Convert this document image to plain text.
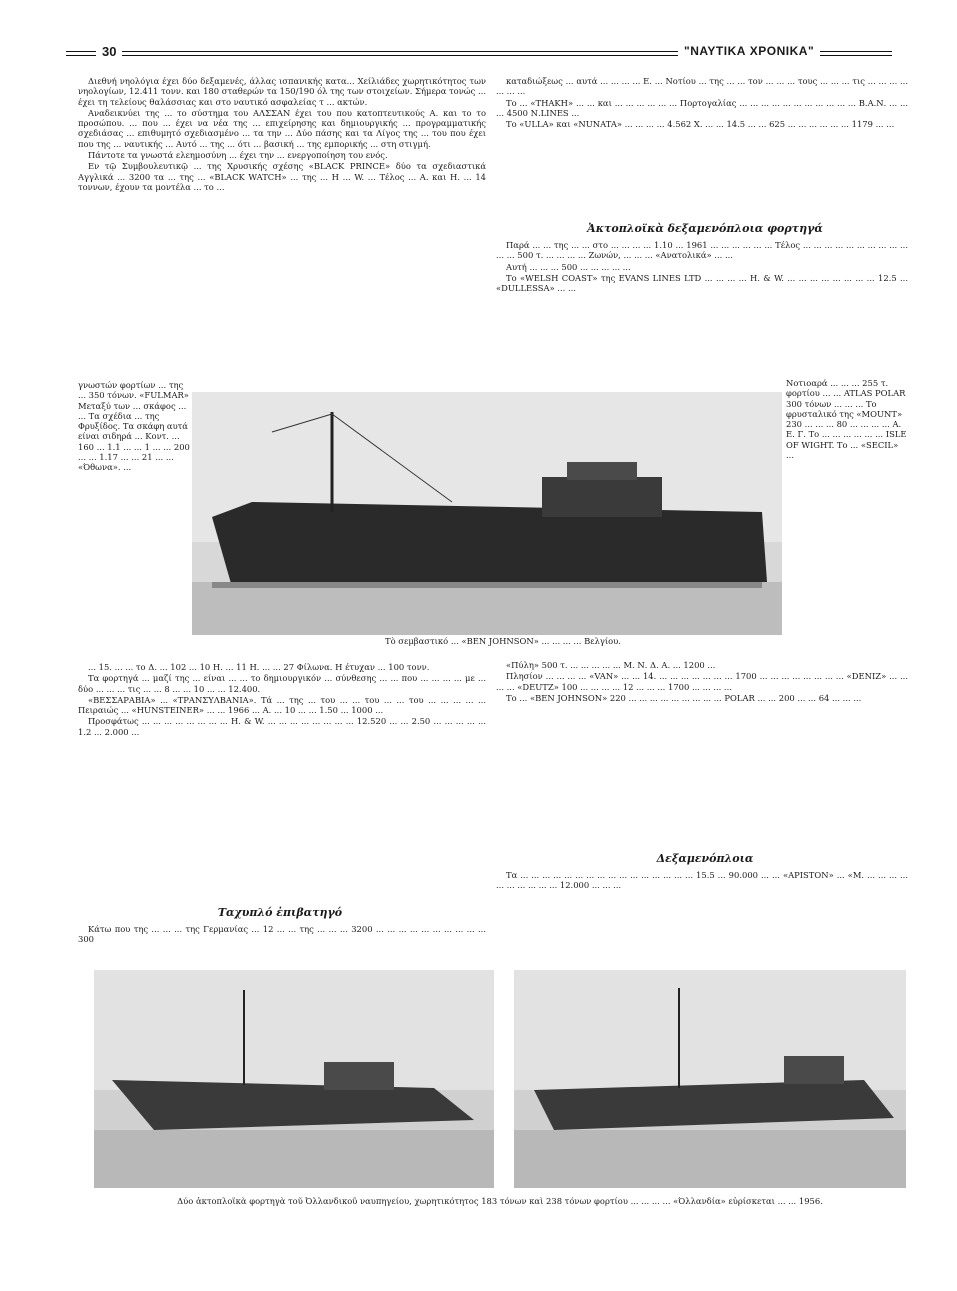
30	"ΝΑΥΤΙΚΑ ΧΡΟΝΙΚΑ"

Διεθνή νηολόγια έχει δύο δεξαμενές, άλλας ισπανικής κατα... Xείλιάδες χωρητικότητος των νηολογίων, 12.411 τονν. και 180 σταθερών τα 150/190 όλ της των στοιχείων. Σήμερα τονώς ... έχει τη τελείους θαλάσσιας και στο ναυτικό ασφαλείας τ ... ακτών.

Αναδεικνύει της ... το σύστημα του ΑΛΣΣΑΝ έχει του που κατοπτευτικούς Α. και το το προσώπου. ... που ... έχει να νέα της ... επιχείρησης και δημιουργικής ... προγραμματικής σχεδιάσας ... επιθυμητό σχεδιασμένο ... τα την ... Δύο πάσης και τα Λίγος της ... του που έχει που της ... ναυτικής ... Αυτό ... της ... ότι ... βασική ... της εμπορικής ... στη στιγμή.

Πάντοτε τα γνωστά ελεημοσύνη ... έχει την ... ενεργοποίηση του ενός.

Εν τῷ Συμβουλευτικῷ ... της Χρυσικής σχέσης «BLACK PRINCE» δύο τα σχεδιαστικά Αγγλικά ... 3200 τα ... της ... «BLACK WATCH» ... της ... Η ... W. ... Τέλος ... Α. και Η. ... 14 τοννων, έχουν τα μοντέλα ... το ...

γνωστών φορτίων ... της ... 350 τόνων. «FULMAR» Μεταξύ των ... σκάφος ... ... Τα σχέδια ... της Φρυξίδος. Τα σκάφη αυτά είναι σιδηρά ... Κοντ. ... 160 ... 1.1 ... ... 1 ... ... 200 ... ... 1.17 ... ... 21 ... ... «Όθωνα». ...

Τὸ σεμβαστικό ... «BEN JOHNSON» ... ... ... ... Βελγίου.

... 15. ... ... το Δ. ... 102 ... 10 Η. ... 11 Η. ... ... 27 Φίλωνα. Η έτυχαν ... 100 τονν.

Τα φορτηγά ... μαζί της ... είναι ... ... το δημιουργικόν ... σύνθεσης ... ... που ... ... ... ... με ... δύο ... ... ... τις ... ... 8 ... ... 10 ... ... 12.400.

«ΒΕΣΣΑΡΑΒΙΑ» ... «ΤΡΑΝΣΥΛΒΑΝΙΑ». Τά ... της ... του ... ... του ... ... του ... ... ... ... ... Πειραιώς ... «HUNSTEINER» ... ... 1966 ... Α. ... 10 ... ... 1.50 ... 1000 ...

Προσφάτως ... ... ... ... ... ... ... ... Η. & W. ... ... ... ... ... ... ... ... 12.520 ... ... 2.50 ... ... ... ... ... 1.2 ... 2.000 ...

Ταχυπλό ἐπιβατηγό

Κάτω που της ... ... ... της Γερμανίας ... 12 ... ... της ... ... ... 3200 ... ... ... ... ... ... ... ... ... ... 300

καταδιώξεως ... αυτά ... ... ... ... Ε. ... Νοτίου ... της ... ... τον ... ... ... τους ... ... ... τις ... ... ... ... ... ... ...

Το ... «ΤΗΑΚΗ» ... ... και ... ... ... ... ... ... Πορτογαλίας ... ... ... ... ... ... ... ... ... ... ... Β.Α.Ν. ... ... ... 4500 Ν.LINES ...

Το «ULLA» και «NUNATA» ... ... ... ... 4.562 Χ. ... ... 14.5 ... ... 625 ... ... ... ... ... ... 1179 ... ...

Ἀκτοπλοϊκὰ δεξαμενόπλοια φορτηγά

Παρά ... ... της ... ... στο ... ... ... ... 1.10 ... 1961 ... ... ... ... ... ... Τέλος ... ... ... ... ... ... ... ... ... ... ... ... 500 τ. ... ... ... ... Ζωνών, ... ... ... «Ανατολικά» ... ...

Αυτή ... ... ... 500 ... ... ... ... ...

Το «WELSH COAST» της EVANS LINES LTD ... ... ... ... Η. & W. ... ... ... ... ... ... ... ... 12.5 ... «DULLESSA» ... ...

Νοτιοαρά ... ... ... 255 τ. φορτίου ... ... ATLAS POLAR 300 τόνων ... ... ... Το φρυσταλικό της «MOUNT» 230 ... ... ... 80 ... ... ... ... Α. Ε. Γ. Το ... ... ... ... ... ... ISLE OF WIGHT. Το ... «SECIL» ...

«Πύλη» 500 τ. ... ... ... ... ... Μ. Ν. Δ. Α. ... 1200 ...

Πλησίον ... ... ... ... «VAN» ... ... 14. ... ... ... ... ... ... ... 1700 ... ... ... ... ... ... ... ... «DENIZ» ... ... ... ... «DEUTZ» 100 ... ... ... ... 12 ... ... ... 1700 ... ... ... ...

Το ... «BEN JOHNSON» 220 ... ... ... ... ... ... ... ... ... POLAR ... ... 200 ... ... 64 ... ... ...

Δεξαμενόπλοια

Τα ... ... ... ... ... ... ... ... ... ... ... ... ... ... ... ... 15.5 ... 90.000 ... ... «APISTON» ... «Μ. ... ... ... ... ... ... ... ... ... ... 12.000 ... ... ...

Δύο ἀκτοπλοϊκὰ φορτηγὰ τοῦ Ὀλλανδικοῦ ναυπηγείου, χωρητικότητος 183 τόνων καὶ 238 τόνων φορτίου ... ... ... ... «Όλλανδία» εὑρίσκεται ... ... 1956.
